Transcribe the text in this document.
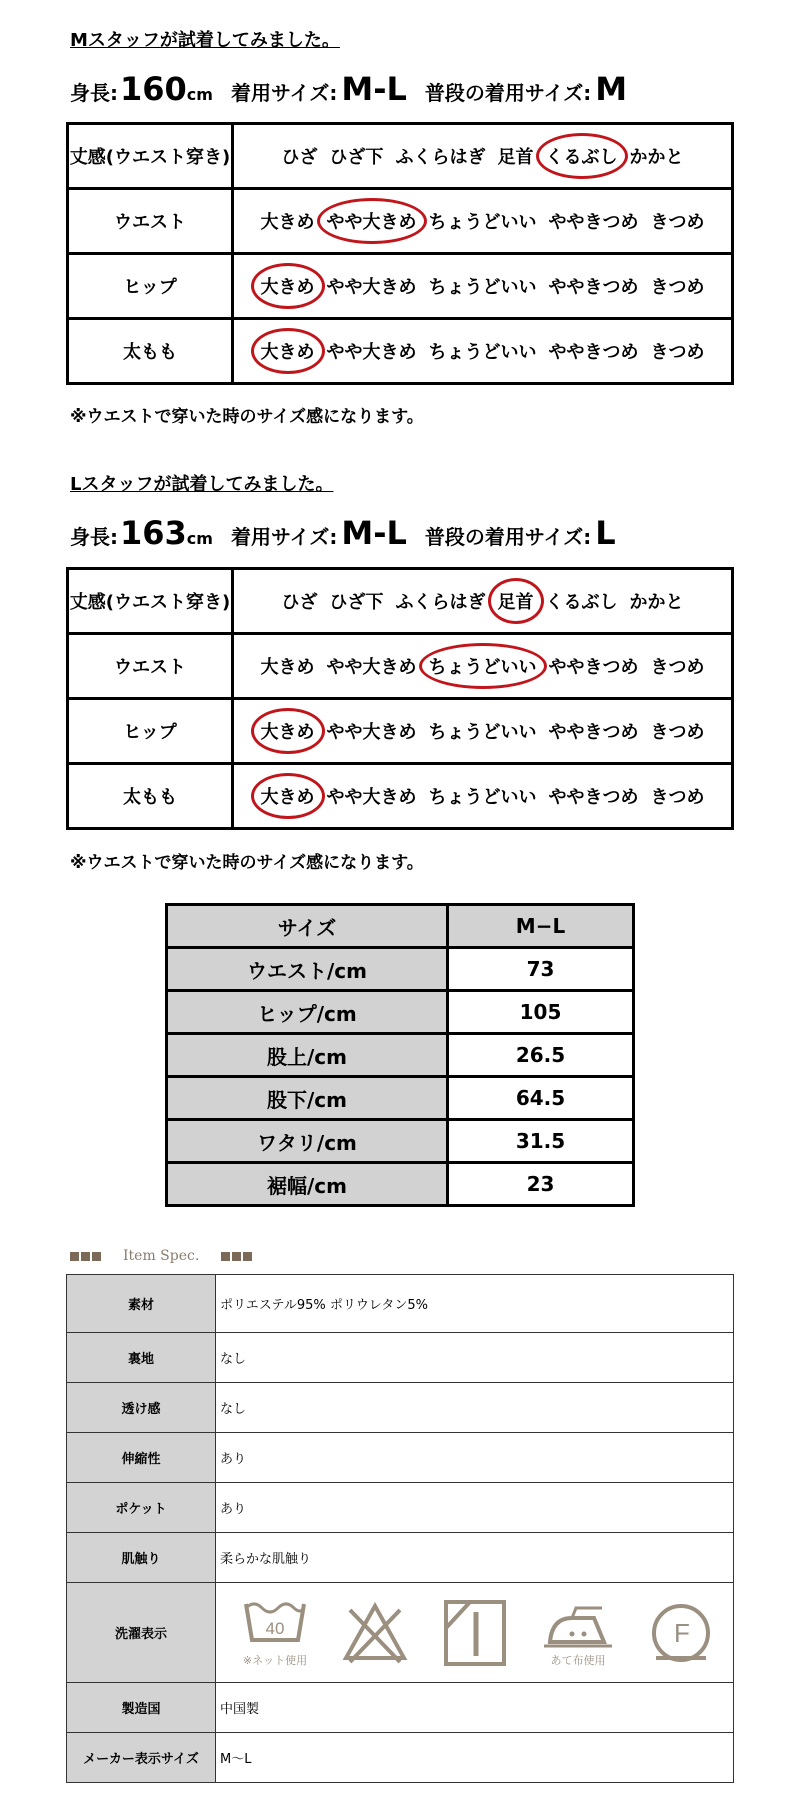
Mスタッフが試着してみました。
身長 : 160 cm 着用サイズ : M-L 普段の着用サイズ : M
丈感(ウエスト穿き)	ひざ ひざ下 ふくらはぎ 足首 くるぶし かかと
ウエスト	大きめ やや大きめ ちょうどいい ややきつめ きつめ
ヒップ	大きめ やや大きめ ちょうどいい ややきつめ きつめ
太もも	大きめ やや大きめ ちょうどいい ややきつめ きつめ
※ウエストで穿いた時のサイズ感になります。
Lスタッフが試着してみました。
身長 : 163 cm 着用サイズ : M-L 普段の着用サイズ : L
丈感(ウエスト穿き)	ひざ ひざ下 ふくらはぎ 足首 くるぶし かかと
ウエスト	大きめ やや大きめ ちょうどいい ややきつめ きつめ
ヒップ	大きめ やや大きめ ちょうどいい ややきつめ きつめ
太もも	大きめ やや大きめ ちょうどいい ややきつめ きつめ
※ウエストで穿いた時のサイズ感になります。
サイズ	M−L
ウエスト/cm	73
ヒップ/cm	105
股上/cm	26.5
股下/cm	64.5
ワタリ/cm	31.5
裾幅/cm	23
Item Spec.
素材	ポリエステル95% ポリウレタン5%
裏地	なし
透け感	なし
伸縮性	あり
ポケット	あり
肌触り	柔らかな肌触り
洗濯表示	40
※ネット使用 あて布使用
F

製造国	中国製
メーカー表示サイズ	M〜L
